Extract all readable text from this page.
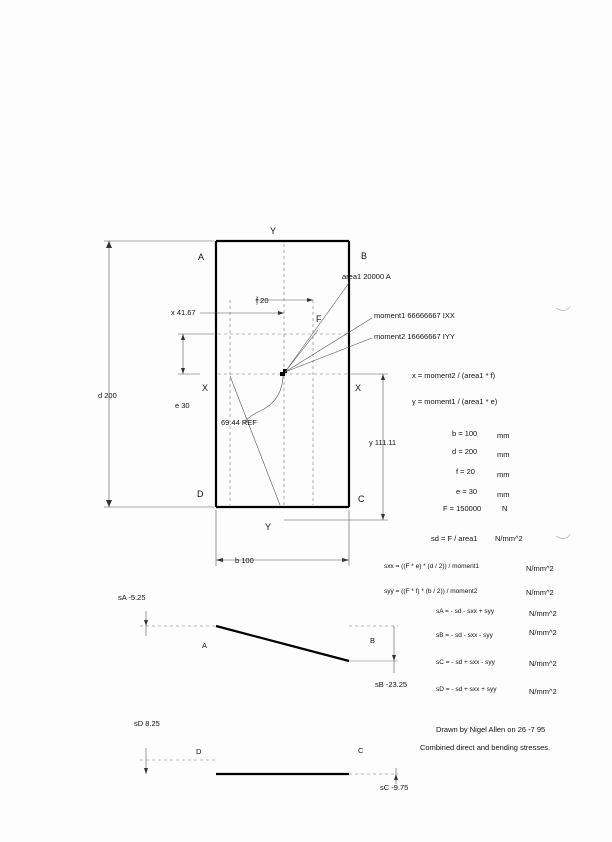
Y
Y
X	X
A	B
C
D
F
area1 20000 A
moment1 66666667 IXX
moment2 16666667 IYY
x 41.67
f 20
d 200
e 30
y 111.11
b 100
69.44 REF
x = moment2 / (area1 * f)
y = moment1 / (area1 * e)
b = 100	mm
d = 200	mm
f = 20	mm
e = 30	mm
F = 150000	N
sd = F / area1 N/mm^2
sxx = ((F * e) * (d / 2)) / moment1	N/mm^2
syy = ((F * f) * (b / 2)) / moment2	N/mm^2
sA = - sd - sxx + syy	N/mm^2
sB = - sd - sxx - syy	N/mm^2
sC = - sd + sxx - syy	N/mm^2
sD = - sd + sxx + syy	N/mm^2
sA -5.25
A
B
sB -23.25
sD 8.25
D	C
sC -9.75
Drawn by Nigel Allen on 26 -7 95
Combined direct and bending stresses.
